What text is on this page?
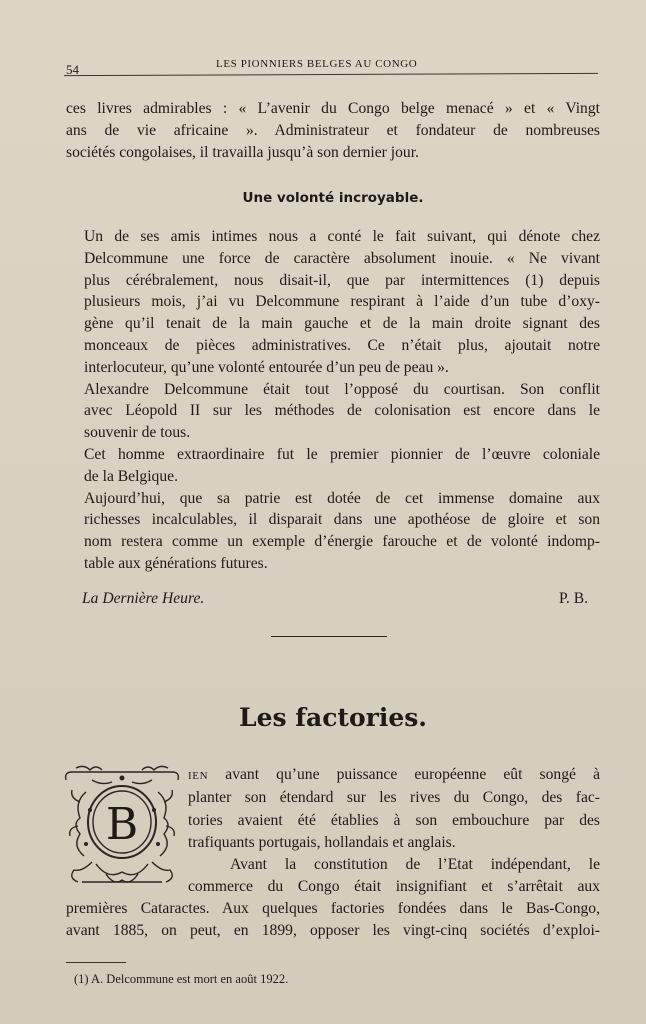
54	LES PIONNIERS BELGES AU CONGO
ces livres admirables : « L’avenir du Congo belge menacé » et « Vingt
ans de vie africaine ». Administrateur et fondateur de nombreuses
sociétés congolaises, il travailla jusqu’à son dernier jour.
Une volonté incroyable.

Un de ses amis intimes nous a conté le fait suivant, qui dénote chez
Delcommune une force de caractère absolument inouie. « Ne vivant
plus cérébralement, nous disait-il, que par intermittences (1) depuis
plusieurs mois, j’ai vu Delcommune respirant à l’aide d’un tube d’oxy-
gène qu’il tenait de la main gauche et de la main droite signant des
monceaux de pièces administratives. Ce n’était plus, ajoutait notre
interlocuteur, qu’une volonté entourée d’un peu de peau ».

Alexandre Delcommune était tout l’opposé du courtisan. Son conflit
avec Léopold II sur les méthodes de colonisation est encore dans le
souvenir de tous.

Cet homme extraordinaire fut le premier pionnier de l’œuvre coloniale
de la Belgique.

Aujourd’hui, que sa patrie est dotée de cet immense domaine aux
richesses incalculables, il disparait dans une apothéose de gloire et son
nom restera comme un exemple d’énergie farouche et de volonté indomp-
table aux générations futures.

La Dernière Heure.	P. B.
Les factories.
B
IEN avant qu’une puissance européenne eût songé à
planter son étendard sur les rives du Congo, des fac-
tories avaient été établies à son embouchure par des
trafiquants portugais, hollandais et anglais.
Avant la constitution de l’Etat indépendant, le
commerce du Congo était insignifiant et s’arrêtait aux
premières Cataractes. Aux quelques factories fondées dans le Bas-Congo,
avant 1885, on peut, en 1899, opposer les vingt-cinq sociétés d’exploi-
(1) A. Delcommune est mort en août 1922.
